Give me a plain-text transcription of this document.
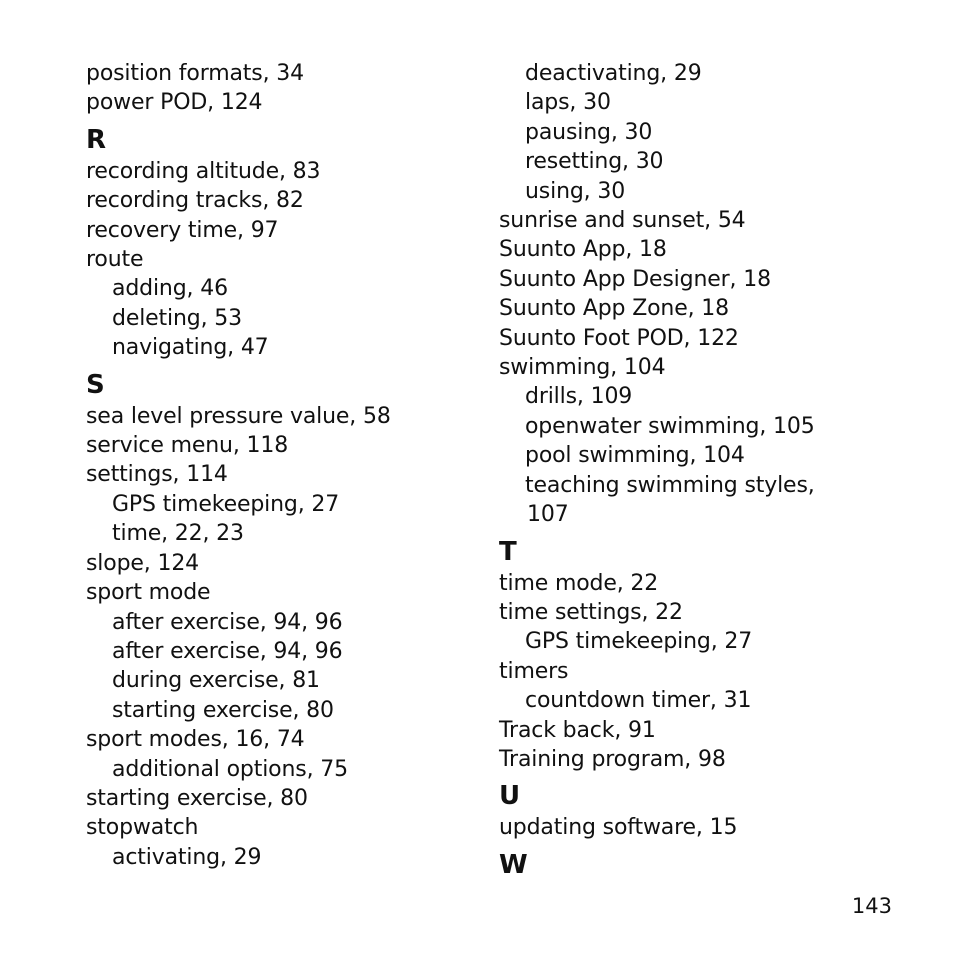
position formats, 34
power POD, 124
R
recording altitude, 83
recording tracks, 82
recovery time, 97
route
adding, 46
deleting, 53
navigating, 47
S
sea level pressure value, 58
service menu, 118
settings, 114
GPS timekeeping, 27
time, 22, 23
slope, 124
sport mode
after exercise, 94, 96
after exercise, 94, 96
during exercise, 81
starting exercise, 80
sport modes, 16, 74
additional options, 75
starting exercise, 80
stopwatch
activating, 29
deactivating, 29
laps, 30
pausing, 30
resetting, 30
using, 30
sunrise and sunset, 54
Suunto App, 18
Suunto App Designer, 18
Suunto App Zone, 18
Suunto Foot POD, 122
swimming, 104
drills, 109
openwater swimming, 105
pool swimming, 104
teaching swimming styles,
107
T
time mode, 22
time settings, 22
GPS timekeeping, 27
timers
countdown timer, 31
Track back, 91
Training program, 98
U
updating software, 15
W
143
